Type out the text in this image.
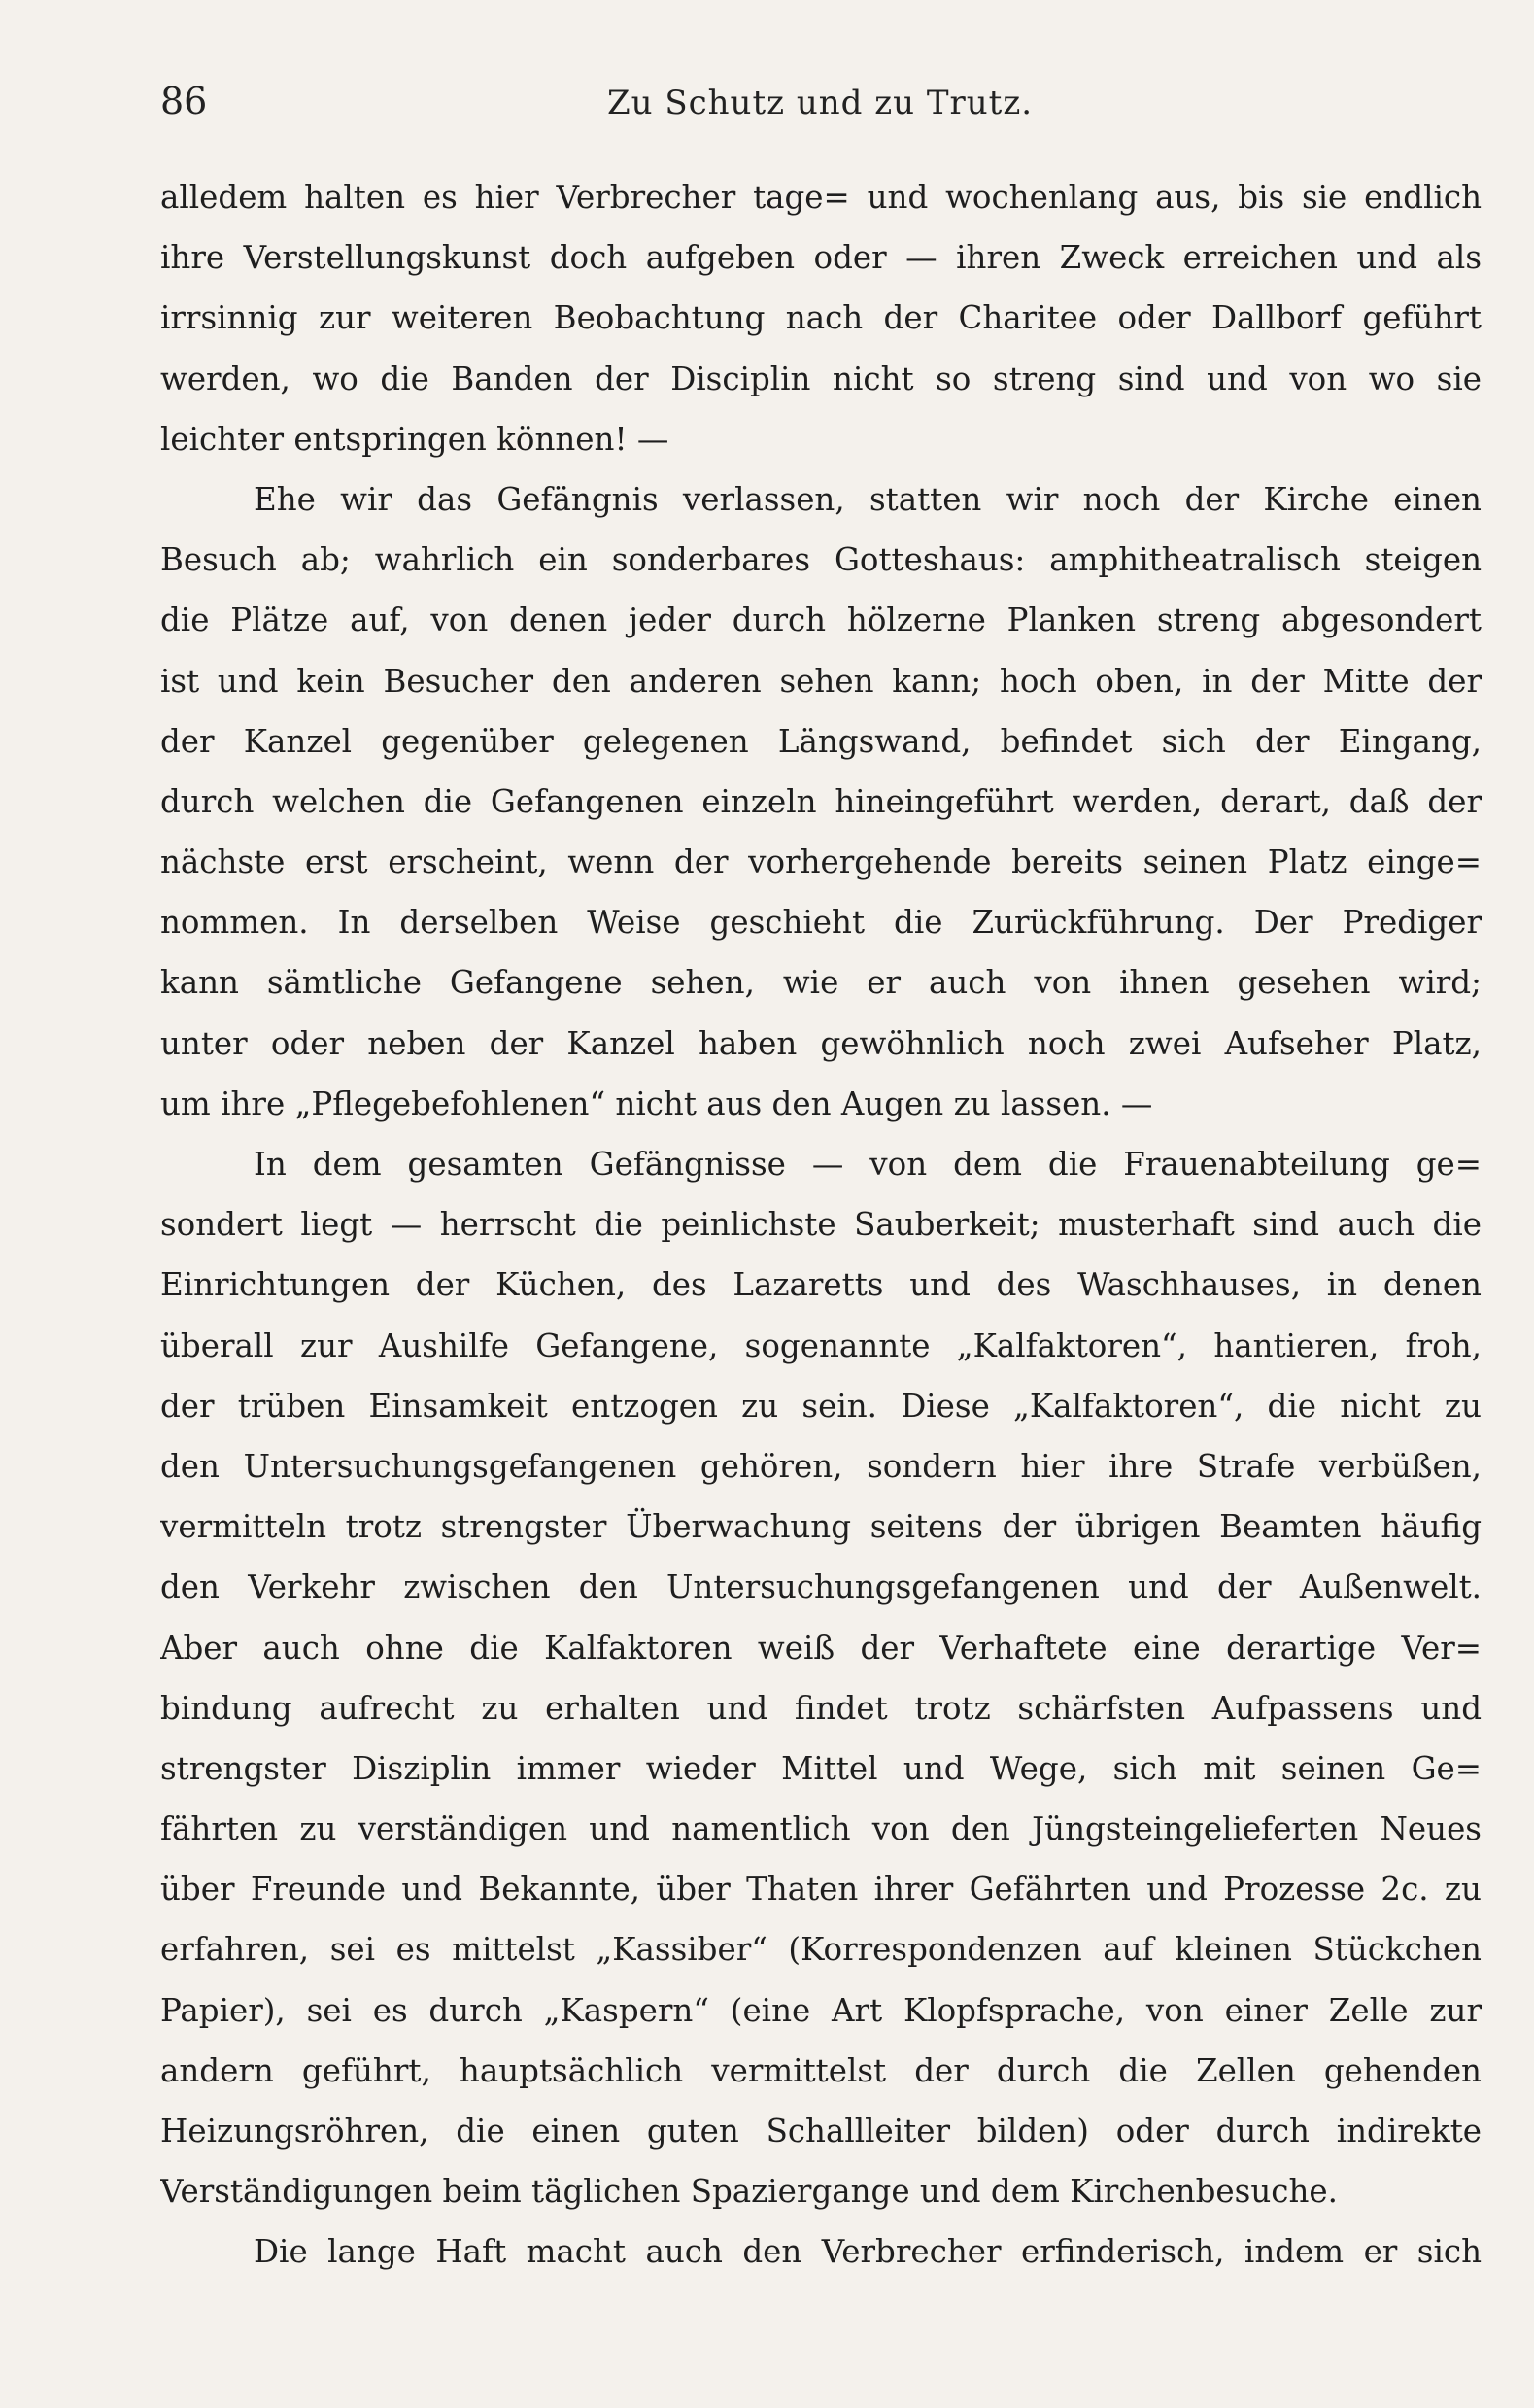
86	Zu Schutz und zu Trutz.
alledem halten es hier Verbrecher tage= und wochenlang aus, bis sie endlich
ihre Verstellungskunst doch aufgeben oder — ihren Zweck erreichen und als
irrsinnig zur weiteren Beobachtung nach der Charitee oder Dallborf geführt
werden, wo die Banden der Disciplin nicht so streng sind und von wo sie
leichter entspringen können! —
Ehe wir das Gefängnis verlassen, statten wir noch der Kirche einen
Besuch ab; wahrlich ein sonderbares Gotteshaus: amphitheatralisch steigen
die Plätze auf, von denen jeder durch hölzerne Planken streng abgesondert
ist und kein Besucher den anderen sehen kann; hoch oben, in der Mitte der
der Kanzel gegenüber gelegenen Längswand, befindet sich der Eingang,
durch welchen die Gefangenen einzeln hineingeführt werden, derart, daß der
nächste erst erscheint, wenn der vorhergehende bereits seinen Platz einge=
nommen. In derselben Weise geschieht die Zurückführung. Der Prediger
kann sämtliche Gefangene sehen, wie er auch von ihnen gesehen wird;
unter oder neben der Kanzel haben gewöhnlich noch zwei Aufseher Platz,
um ihre „Pflegebefohlenen“ nicht aus den Augen zu lassen. —
In dem gesamten Gefängnisse — von dem die Frauenabteilung ge=
sondert liegt — herrscht die peinlichste Sauberkeit; musterhaft sind auch die
Einrichtungen der Küchen, des Lazaretts und des Waschhauses, in denen
überall zur Aushilfe Gefangene, sogenannte „Kalfaktoren“, hantieren, froh,
der trüben Einsamkeit entzogen zu sein. Diese „Kalfaktoren“, die nicht zu
den Untersuchungsgefangenen gehören, sondern hier ihre Strafe verbüßen,
vermitteln trotz strengster Überwachung seitens der übrigen Beamten häufig
den Verkehr zwischen den Untersuchungsgefangenen und der Außenwelt.
Aber auch ohne die Kalfaktoren weiß der Verhaftete eine derartige Ver=
bindung aufrecht zu erhalten und findet trotz schärfsten Aufpassens und
strengster Disziplin immer wieder Mittel und Wege, sich mit seinen Ge=
fährten zu verständigen und namentlich von den Jüngsteingelieferten Neues
über Freunde und Bekannte, über Thaten ihrer Gefährten und Prozesse 2c. zu
erfahren, sei es mittelst „Kassiber“ (Korrespondenzen auf kleinen Stückchen
Papier), sei es durch „Kaspern“ (eine Art Klopfsprache, von einer Zelle zur
andern geführt, hauptsächlich vermittelst der durch die Zellen gehenden
Heizungsröhren, die einen guten Schallleiter bilden) oder durch indirekte
Verständigungen beim täglichen Spaziergange und dem Kirchenbesuche.
Die lange Haft macht auch den Verbrecher erfinderisch, indem er sich
